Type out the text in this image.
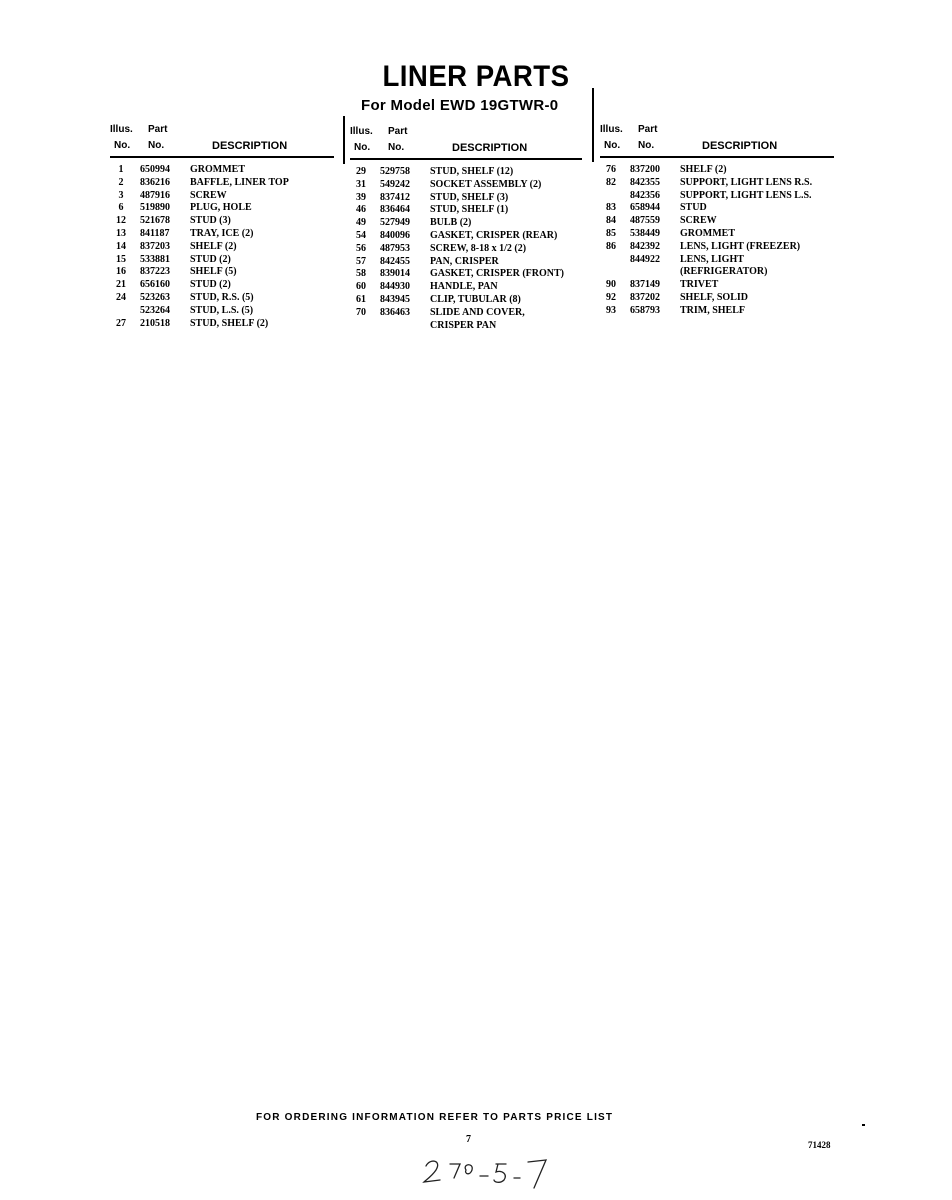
LINER PARTS
For Model EWD 19GTWR-0
Illus. Part
No. No.	DESCRIPTION
1	650994 GROMMET
2	836216 BAFFLE, LINER TOP
3	487916 SCREW
6	519890 PLUG, HOLE
12	521678 STUD (3)
13	841187 TRAY, ICE (2)
14	837203 SHELF (2)
15	533881 STUD (2)
16	837223 SHELF (5)
21	656160 STUD (2)
24	523263 STUD, R.S. (5)
523264 STUD, L.S. (5)
27	210518 STUD, SHELF (2)
Illus. Part
No. No.	DESCRIPTION
29	529758 STUD, SHELF (12)
31	549242 SOCKET ASSEMBLY (2)
39	837412 STUD, SHELF (3)
46	836464 STUD, SHELF (1)
49	527949 BULB (2)
54	840096 GASKET, CRISPER (REAR)
56	487953 SCREW, 8-18 x 1/2 (2)
57	842455 PAN, CRISPER
58	839014 GASKET, CRISPER (FRONT)
60	844930 HANDLE, PAN
61	843945 CLIP, TUBULAR (8)
70	836463 SLIDE AND COVER,
CRISPER PAN
Illus. Part
No. No.	DESCRIPTION
76	837200 SHELF (2)
82	842355 SUPPORT, LIGHT LENS R.S.
842356 SUPPORT, LIGHT LENS L.S.
83	658944 STUD
84	487559 SCREW
85	538449 GROMMET
86	842392 LENS, LIGHT (FREEZER)
844922 LENS, LIGHT
(REFRIGERATOR)
90	837149 TRIVET
92	837202 SHELF, SOLID
93	658793 TRIM, SHELF
FOR ORDERING INFORMATION REFER TO PARTS PRICE LIST
7	71428
